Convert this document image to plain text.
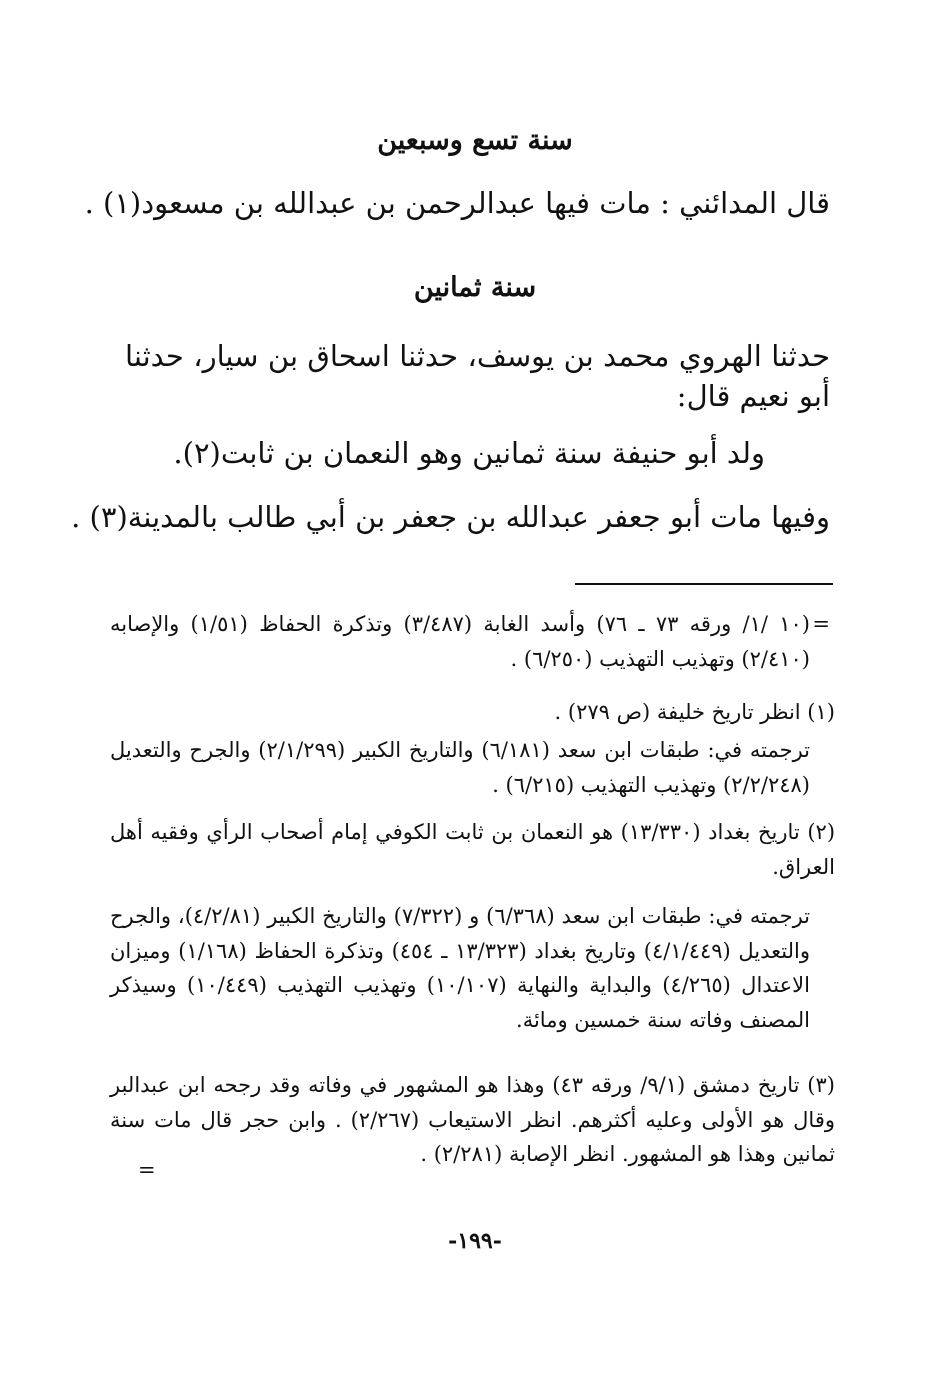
سنة تسع وسبعين

قال المدائني : مات فيها عبدالرحمن بن عبدالله بن مسعود(١) .

سنة ثمانين

حدثنا الهروي محمد بن يوسف، حدثنا اسحاق بن سيار، حدثنا أبو نعيم قال:

ولد أبو حنيفة سنة ثمانين وهو النعمان بن ثابت(٢).

وفيها مات أبو جعفر عبدالله بن جعفر بن أبي طالب بالمدينة(٣) .

=

(١٠ /١/ ورقه ٧٣ ـ ٧٦) وأسد الغابة (٣/٤٨٧) وتذكرة الحفاظ (١/٥١) والإصابه (٢/٤١٠) وتهذيب التهذيب (٦/٢٥٠) .

(١) انظر تاريخ خليفة (ص ٢٧٩) .

ترجمته في: طبقات ابن سعد (٦/١٨١) والتاريخ الكبير (٢/١/٢٩٩) والجرح والتعديل (٢/٢/٢٤٨) وتهذيب التهذيب (٦/٢١٥) .

(٢) تاريخ بغداد (١٣/٣٣٠) هو النعمان بن ثابت الكوفي إمام أصحاب الرأي وفقيه أهل العراق.

ترجمته في: طبقات ابن سعد (٦/٣٦٨) و (٧/٣٢٢) والتاريخ الكبير (٤/٢/٨١)، والجرح والتعديل (٤/١/٤٤٩) وتاريخ بغداد (١٣/٣٢٣ ـ ٤٥٤) وتذكرة الحفاظ (١/١٦٨) وميزان الاعتدال (٤/٢٦٥) والبداية والنهاية (١٠/١٠٧) وتهذيب التهذيب (١٠/٤٤٩) وسيذكر المصنف وفاته سنة خمسين ومائة.

(٣) تاريخ دمشق (٩/١/ ورقه ٤٣) وهذا هو المشهور في وفاته وقد رجحه ابن عبدالبر وقال هو الأولى وعليه أكثرهم. انظر الاستيعاب (٢/٢٦٧) . وابن حجر قال مات سنة ثمانين وهذا هو المشهور. انظر الإصابة (٢/٢٨١) .

=
-١٩٩-
